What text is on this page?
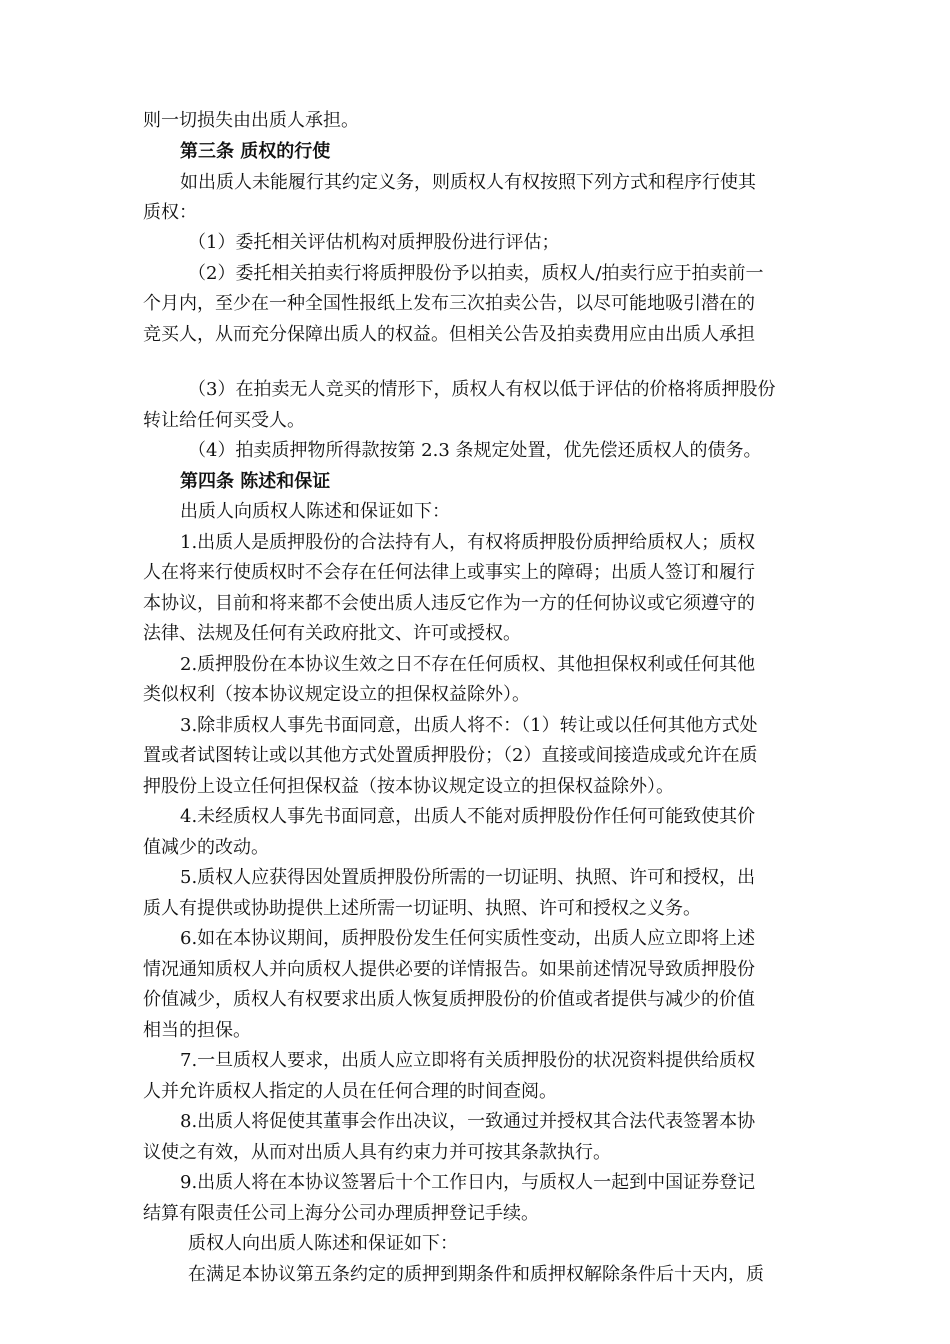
则一切损失由出质人承担。
第三条 质权的行使
如出质人未能履行其约定义务，则质权人有权按照下列方式和程序行使其
质权：
（1）委托相关评估机构对质押股份进行评估；
（2）委托相关拍卖行将质押股份予以拍卖，质权人/拍卖行应于拍卖前一
个月内，至少在一种全国性报纸上发布三次拍卖公告，以尽可能地吸引潜在的
竞买人，从而充分保障出质人的权益。但相关公告及拍卖费用应由出质人承担
（3）在拍卖无人竞买的情形下，质权人有权以低于评估的价格将质押股份
转让给任何买受人。
（4）拍卖质押物所得款按第 2.3 条规定处置，优先偿还质权人的债务。
第四条 陈述和保证
出质人向质权人陈述和保证如下：
1.出质人是质押股份的合法持有人，有权将质押股份质押给质权人；质权
人在将来行使质权时不会存在任何法律上或事实上的障碍；出质人签订和履行
本协议，目前和将来都不会使出质人违反它作为一方的任何协议或它须遵守的
法律、法规及任何有关政府批文、许可或授权。
2.质押股份在本协议生效之日不存在任何质权、其他担保权利或任何其他
类似权利（按本协议规定设立的担保权益除外）。
3.除非质权人事先书面同意，出质人将不：（1）转让或以任何其他方式处
置或者试图转让或以其他方式处置质押股份；（2）直接或间接造成或允许在质
押股份上设立任何担保权益（按本协议规定设立的担保权益除外）。
4.未经质权人事先书面同意，出质人不能对质押股份作任何可能致使其价
值减少的改动。
5.质权人应获得因处置质押股份所需的一切证明、执照、许可和授权，出
质人有提供或协助提供上述所需一切证明、执照、许可和授权之义务。
6.如在本协议期间，质押股份发生任何实质性变动，出质人应立即将上述
情况通知质权人并向质权人提供必要的详情报告。如果前述情况导致质押股份
价值减少，质权人有权要求出质人恢复质押股份的价值或者提供与减少的价值
相当的担保。
7.一旦质权人要求，出质人应立即将有关质押股份的状况资料提供给质权
人并允许质权人指定的人员在任何合理的时间查阅。
8.出质人将促使其董事会作出决议，一致通过并授权其合法代表签署本协
议使之有效，从而对出质人具有约束力并可按其条款执行。
9.出质人将在本协议签署后十个工作日内，与质权人一起到中国证券登记
结算有限责任公司上海分公司办理质押登记手续。
质权人向出质人陈述和保证如下：
在满足本协议第五条约定的质押到期条件和质押权解除条件后十天内，质
